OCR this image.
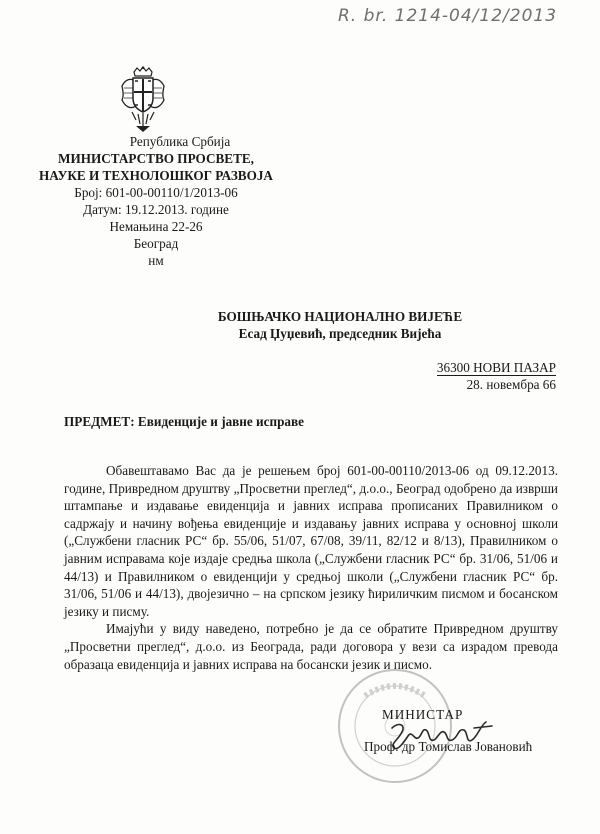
R. br. 1214-04/12/2013
Република Србија
МИНИСТАРСТВО ПРОСВЕТЕ,
НАУКЕ И ТЕХНОЛОШКОГ РАЗВОЈА
Број: 601-00-00110/1/2013-06
Датум: 19.12.2013. године
Немањина 22-26
Београд
нм
БОШЊАЧКО НАЦИОНАЛНО ВИЈЕЋЕ
Есад Џуџевић, председник Вијећа
36300 НОВИ ПАЗАР
28. новембра 66
ПРЕДМЕТ: Евиденције и јавне исправе

Обавештавамо Вас да је решењем број 601-00-00110/2013-06 од 09.12.2013. године, Привредном друштву „Просветни преглед“, д.о.о., Београд одобрено да изврши штампање и издавање евиденција и јавних исправа прописаних Правилником о садржају и начину вођења евиденције и издавању јавних исправа у основној школи („Службени гласник РС“ бр. 55/06, 51/07, 67/08, 39/11, 82/12 и 8/13), Правилником о јавним исправама које издаје средња школа („Службени гласник РС“ бр. 31/06, 51/06 и 44/13) и Правилником о евиденцији у средњој школи („Службени гласник РС“ бр. 31/06, 51/06 и 44/13), двојезично – на српском језику ћириличким писмом и босанском језику и писму.

Имајући у виду наведено, потребно је да се обратите Привредном друштву „Просветни преглед“, д.о.о. из Београда, ради договора у вези са израдом превода образаца евиденција и јавних исправа на босански језик и писмо.

МИНИСТАР
Проф. др Томислав Јовановић
